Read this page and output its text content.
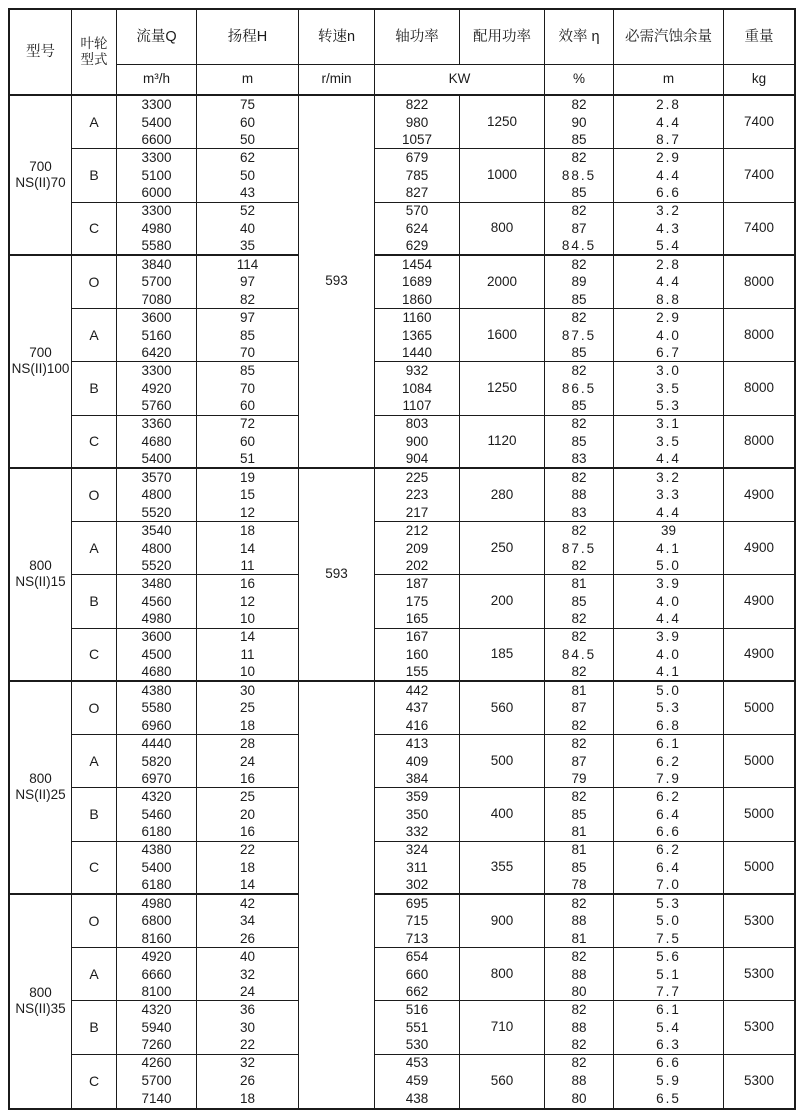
型号	叶轮
型式	流量Q	扬程H	转速n	轴功率	配用功率	效率 η	必需汽蚀余量	重量
		m³/h	m	r/min	KW		%	m	kg

700
NS(II)70	A	3300	75	593	822	1250	82	2.8	7400
		5400	60		980		90	4.4	
		6600	50		1057		85	8.7	
	B	3300	62		679	1000	82	2.9	7400
		5100	50		785		88.5	4.4	
		6000	43		827		85	6.6	
	C	3300	52		570	800	82	3.2	7400
		4980	40		624		87	4.3	
		5580	35		629		84.5	5.4	

700
NS(II)100	O	3840	114		1454	2000	82	2.8	8000
		5700	97		1689		89	4.4	
		7080	82		1860		85	8.8	
	A	3600	97		1160	1600	82	2.9	8000
		5160	85		1365		87.5	4.0	
		6420	70		1440		85	6.7	
	B	3300	85		932	1250	82	3.0	8000
		4920	70		1084		86.5	3.5	
		5760	60		1107		85	5.3	
	C	3360	72		803	1120	82	3.1	8000
		4680	60		900		85	3.5	
		5400	51		904		83	4.4	

800
NS(II)15	O	3570	19	593	225	280	82	3.2	4900
		4800	15		223		88	3.3	
		5520	12		217		83	4.4	
	A	3540	18		212	250	82	39	4900
		4800	14		209		87.5	4.1	
		5520	11		202		82	5.0	
	B	3480	16		187	200	81	3.9	4900
		4560	12		175		85	4.0	
		4980	10		165		82	4.4	
	C	3600	14		167	185	82	3.9	4900
		4500	11		160		84.5	4.0	
		4680	10		155		82	4.1	

800
NS(II)25	O	4380	30		442	560	81	5.0	5000
		5580	25		437		87	5.3	
		6960	18		416		82	6.8	
	A	4440	28		413	500	82	6.1	5000
		5820	24		409		87	6.2	
		6970	16		384		79	7.9	
	B	4320	25		359	400	82	6.2	5000
		5460	20		350		85	6.4	
		6180	16		332		81	6.6	
	C	4380	22		324	355	81	6.2	5000
		5400	18		311		85	6.4	
		6180	14		302		78	7.0	

800
NS(II)35	O	4980	42		695	900	82	5.3	5300
		6800	34		715		88	5.0	
		8160	26		713		81	7.5	
	A	4920	40		654	800	82	5.6	5300
		6660	32		660		88	5.1	
		8100	24		662		80	7.7	
	B	4320	36		516	710	82	6.1	5300
		5940	30		551		88	5.4	
		7260	22		530		82	6.3	
	C	4260	32		453	560	82	6.6	5300
		5700	26		459		88	5.9	
		7140	18		438		80	6.5	
